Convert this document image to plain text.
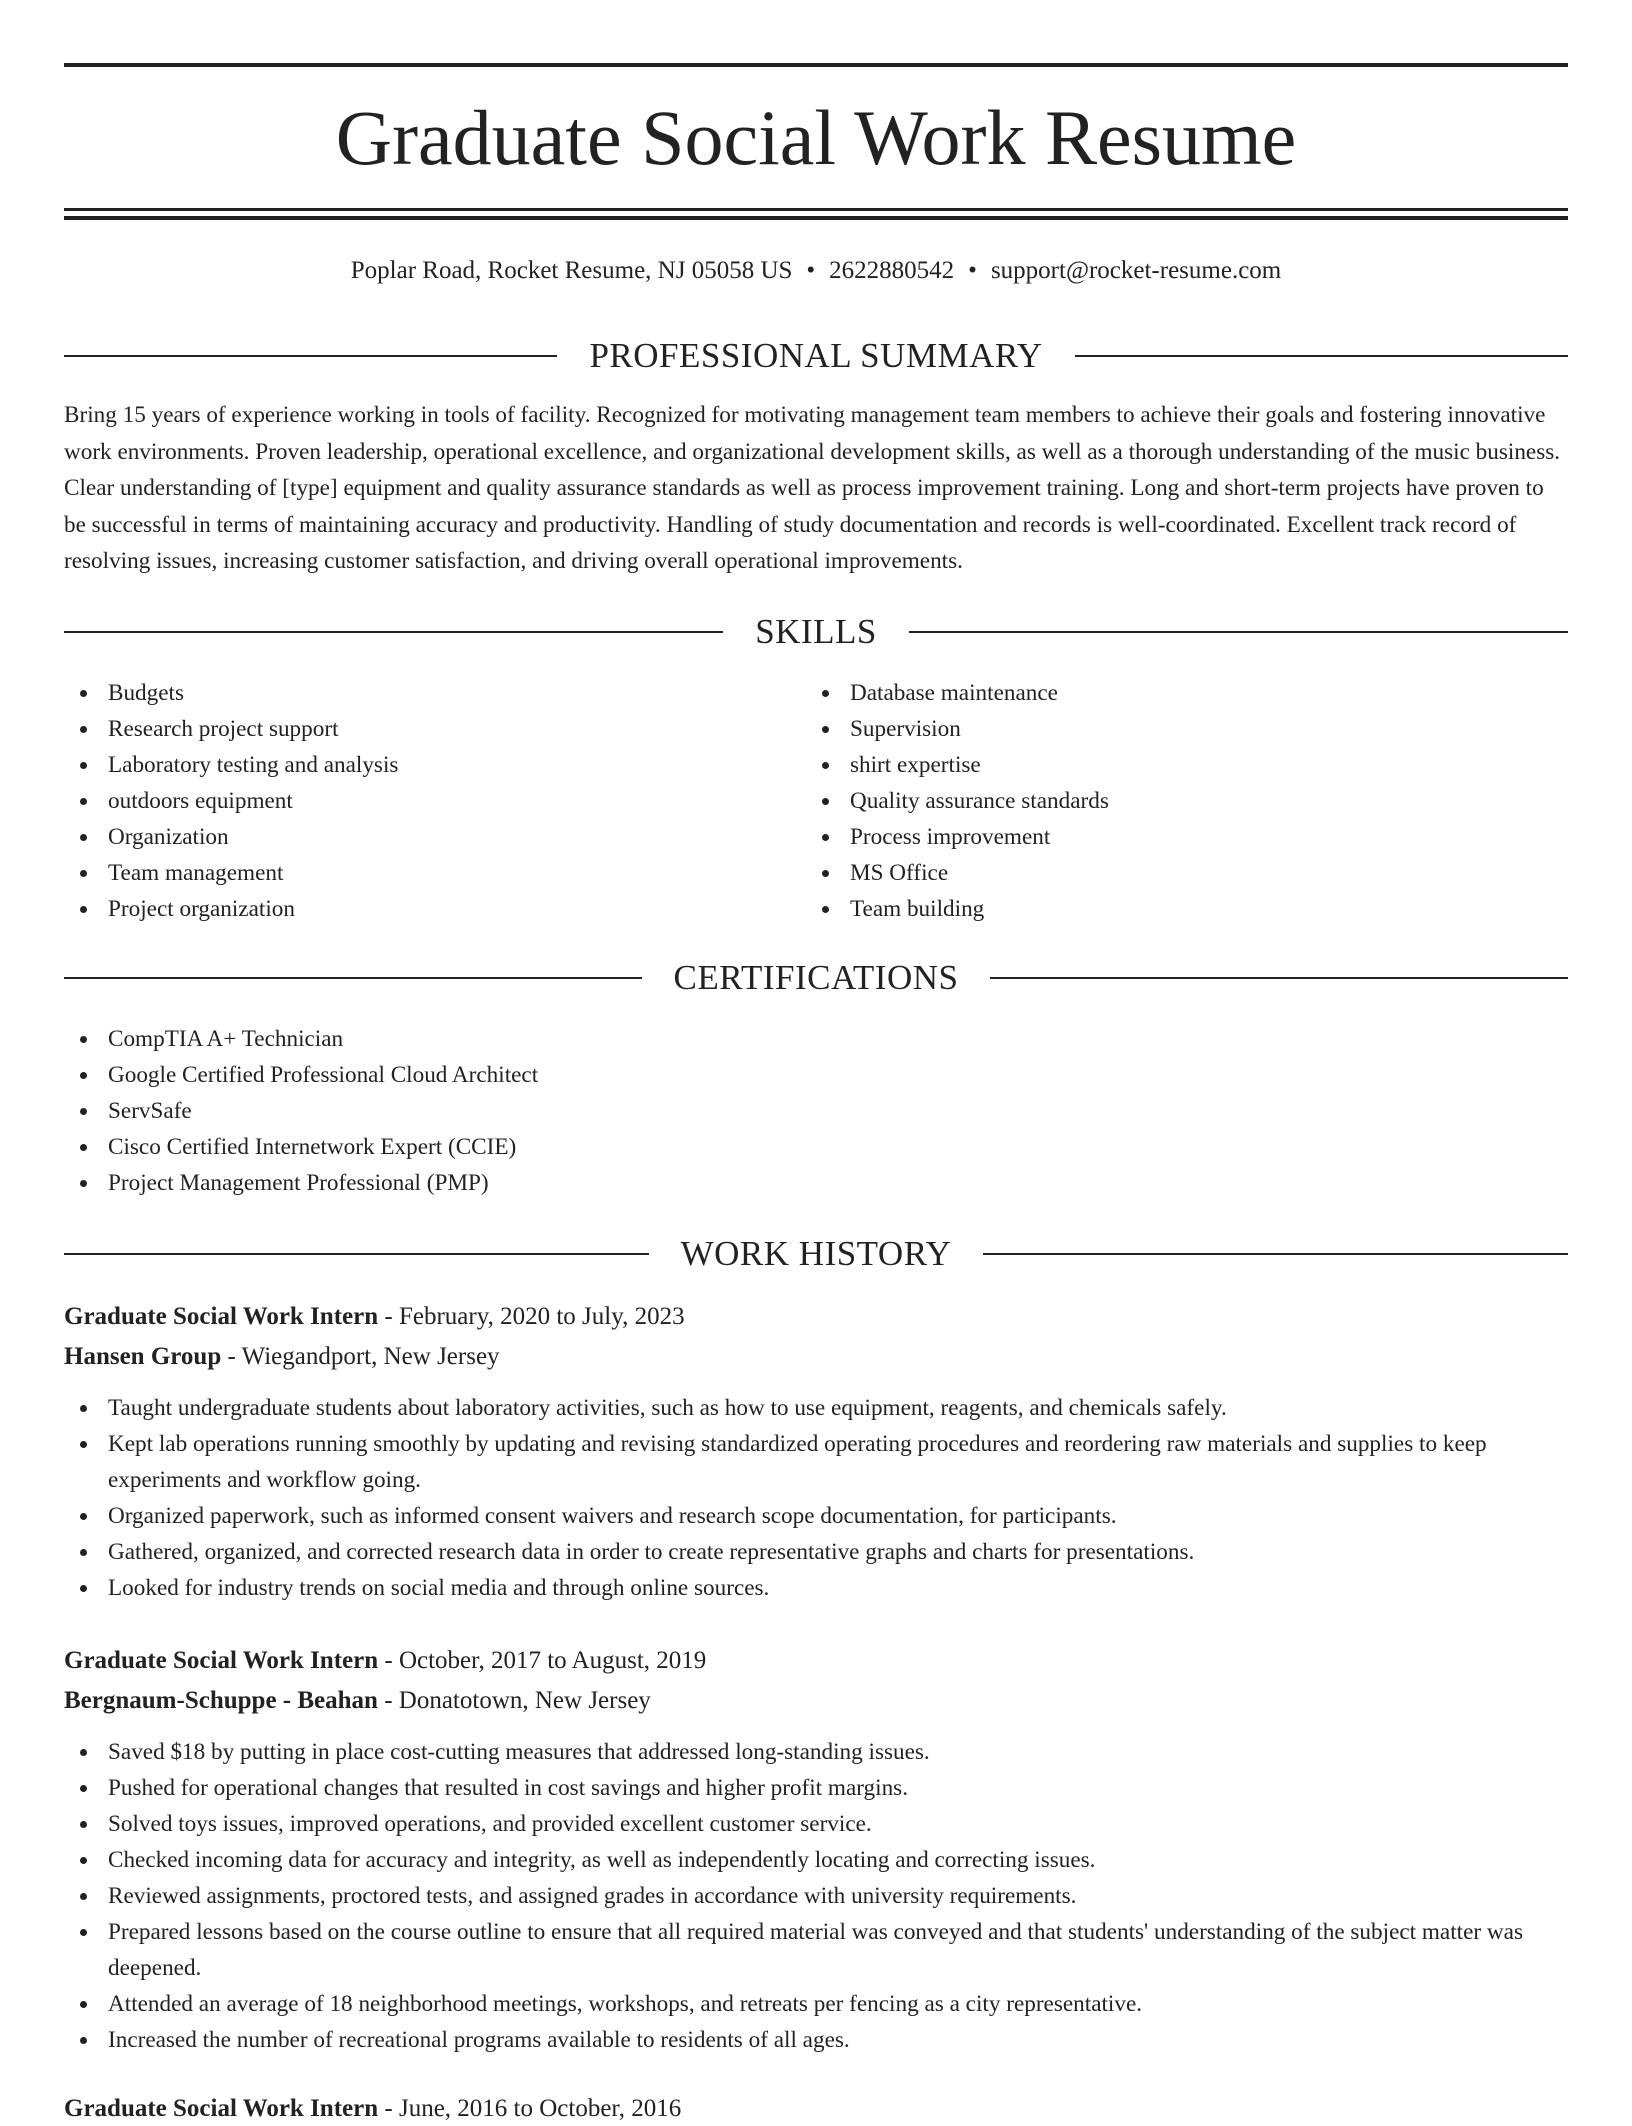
Graduate Social Work Resume
Poplar Road, Rocket Resume, NJ 05058 US • 2622880542 • support@rocket-resume.com
PROFESSIONAL SUMMARY

Bring 15 years of experience working in tools of facility. Recognized for motivating management team members to achieve their goals and fostering innovative work environments. Proven leadership, operational excellence, and organizational development skills, as well as a thorough understanding of the music business. Clear understanding of [type] equipment and quality assurance standards as well as process improvement training. Long and short-term projects have proven to be successful in terms of maintaining accuracy and productivity. Handling of study documentation and records is well-coordinated. Excellent track record of resolving issues, increasing customer satisfaction, and driving overall operational improvements.

SKILLS
Budgets
Research project support
Laboratory testing and analysis
outdoors equipment
Organization
Team management
Project organization
Database maintenance
Supervision
shirt expertise
Quality assurance standards
Process improvement
MS Office
Team building
CERTIFICATIONS
CompTIA A+ Technician
Google Certified Professional Cloud Architect
ServSafe
Cisco Certified Internetwork Expert (CCIE)
Project Management Professional (PMP)
WORK HISTORY
Graduate Social Work Intern - February, 2020 to July, 2023
Hansen Group - Wiegandport, New Jersey
Taught undergraduate students about laboratory activities, such as how to use equipment, reagents, and chemicals safely.
Kept lab operations running smoothly by updating and revising standardized operating procedures and reordering raw materials and supplies to keep experiments and workflow going.
Organized paperwork, such as informed consent waivers and research scope documentation, for participants.
Gathered, organized, and corrected research data in order to create representative graphs and charts for presentations.
Looked for industry trends on social media and through online sources.
Graduate Social Work Intern - October, 2017 to August, 2019
Bergnaum-Schuppe - Beahan - Donatotown, New Jersey
Saved $18 by putting in place cost-cutting measures that addressed long-standing issues.
Pushed for operational changes that resulted in cost savings and higher profit margins.
Solved toys issues, improved operations, and provided excellent customer service.
Checked incoming data for accuracy and integrity, as well as independently locating and correcting issues.
Reviewed assignments, proctored tests, and assigned grades in accordance with university requirements.
Prepared lessons based on the course outline to ensure that all required material was conveyed and that students' understanding of the subject matter was deepened.
Attended an average of 18 neighborhood meetings, workshops, and retreats per fencing as a city representative.
Increased the number of recreational programs available to residents of all ages.
Graduate Social Work Intern - June, 2016 to October, 2016
